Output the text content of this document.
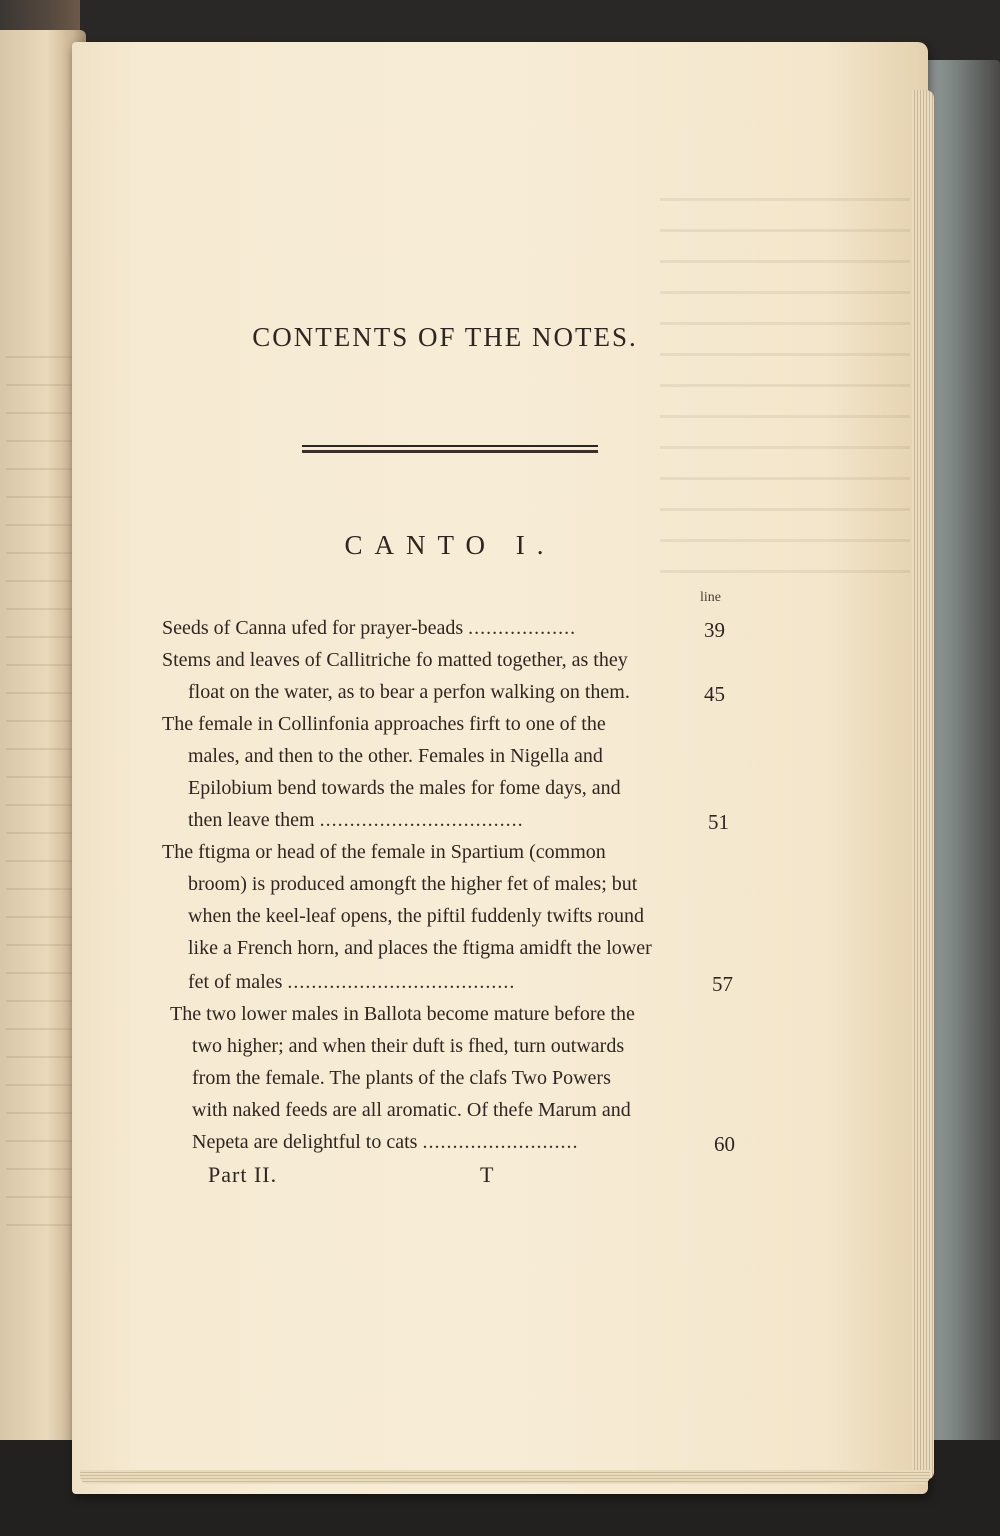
CONTENTS OF THE NOTES.
CANTO I.
line
Seeds of Canna ufed for prayer-beads ..................	39
Stems and leaves of Callitriche fo matted together, as they
float on the water, as to bear a perfon walking on them.	45
The female in Collinfonia approaches firft to one of the
males, and then to the other. Females in Nigella and
Epilobium bend towards the males for fome days, and
then leave them ..................................	51
The ftigma or head of the female in Spartium (common
broom) is produced amongft the higher fet of males; but
when the keel-leaf opens, the piftil fuddenly twifts round
like a French horn, and places the ftigma amidft the lower
fet of males ......................................	57
The two lower males in Ballota become mature before the
two higher; and when their duft is fhed, turn outwards
from the female. The plants of the clafs Two Powers
with naked feeds are all aromatic. Of thefe Marum and
Nepeta are delightful to cats ..........................	60
Part II.	T
